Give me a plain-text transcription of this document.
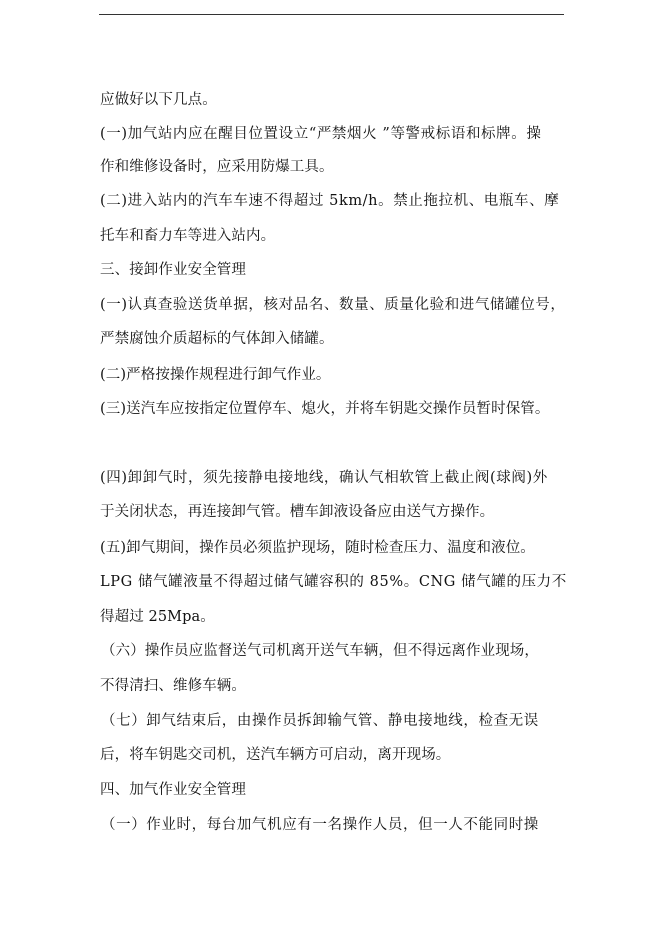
应做好以下几点。
(一)加气站内应在醒目位置设立“严禁烟火 ”等警戒标语和标牌。操
作和维修设备时，应采用防爆工具。
(二)进入站内的汽车车速不得超过 5km/h。禁止拖拉机、电瓶车、摩
托车和畜力车等进入站内。
三、接卸作业安全管理
(一)认真查验送货单据，核对品名、数量、质量化验和进气储罐位号，
严禁腐蚀介质超标的气体卸入储罐。
(二)严格按操作规程进行卸气作业。
(三)送汽车应按指定位置停车、熄火，并将车钥匙交操作员暂时保管。
(四)卸卸气时，须先接静电接地线，确认气相软管上截止阀(球阀)外
于关闭状态，再连接卸气管。槽车卸液设备应由送气方操作。
(五)卸气期间，操作员必须监护现场，随时检查压力、温度和液位。
LPG 储气罐液量不得超过储气罐容积的 85%。CNG 储气罐的压力不
得超过 25Mpa。
（六）操作员应监督送气司机离开送气车辆，但不得远离作业现场，
不得清扫、维修车辆。
（七）卸气结束后，由操作员拆卸输气管、静电接地线，检查无误
后，将车钥匙交司机，送汽车辆方可启动，离开现场。
四、加气作业安全管理
（一）作业时，每台加气机应有一名操作人员，但一人不能同时操
